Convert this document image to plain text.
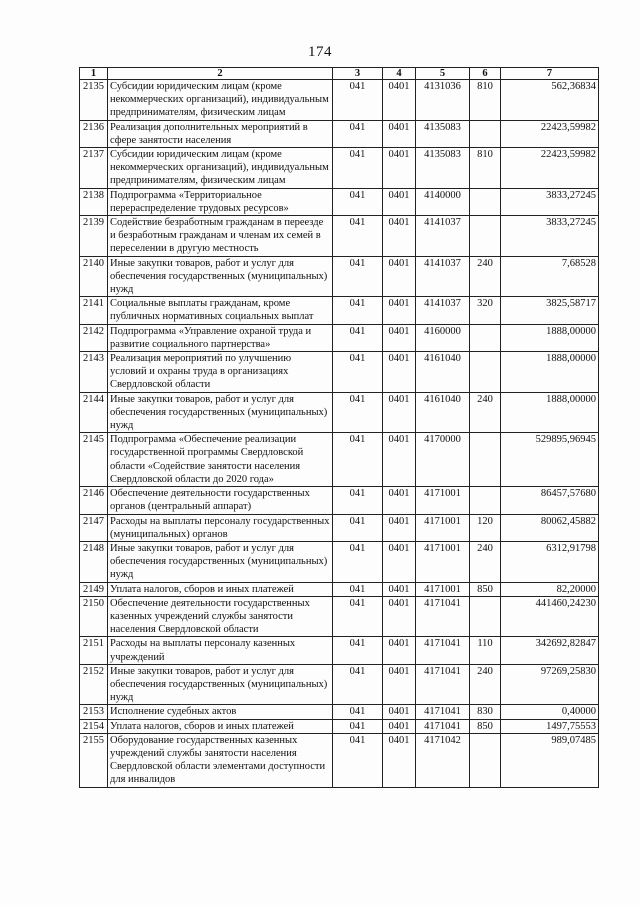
174
1	2	3	4	5	6	7
2135	Субсидии юридическим лицам (кроме некоммерческих организаций), индивидуальным предпринимателям, физическим лицам	041	0401	4131036	810	562,36834
2136	Реализация дополнительных мероприятий в сфере занятости населения	041	0401	4135083		22423,59982
2137	Субсидии юридическим лицам (кроме некоммерческих организаций), индивидуальным предпринимателям, физическим лицам	041	0401	4135083	810	22423,59982
2138	Подпрограмма «Территориальное перераспределение трудовых ресурсов»	041	0401	4140000		3833,27245
2139	Содействие безработным гражданам в переезде и безработным гражданам и членам их семей в переселении в другую местность	041	0401	4141037		3833,27245
2140	Иные закупки товаров, работ и услуг для обеспечения государственных (муниципальных) нужд	041	0401	4141037	240	7,68528
2141	Социальные выплаты гражданам, кроме публичных нормативных социальных выплат	041	0401	4141037	320	3825,58717
2142	Подпрограмма «Управление охраной труда и развитие социального партнерства»	041	0401	4160000		1888,00000
2143	Реализация мероприятий по улучшению условий и охраны труда в организациях Свердловской области	041	0401	4161040		1888,00000
2144	Иные закупки товаров, работ и услуг для обеспечения государственных (муниципальных) нужд	041	0401	4161040	240	1888,00000
2145	Подпрограмма «Обеспечение реализации государственной программы Свердловской области «Содействие занятости населения Свердловской области до 2020 года»	041	0401	4170000		529895,96945
2146	Обеспечение деятельности государственных органов (центральный аппарат)	041	0401	4171001		86457,57680
2147	Расходы на выплаты персоналу государственных (муниципальных) органов	041	0401	4171001	120	80062,45882
2148	Иные закупки товаров, работ и услуг для обеспечения государственных (муниципальных) нужд	041	0401	4171001	240	6312,91798
2149	Уплата налогов, сборов и иных платежей	041	0401	4171001	850	82,20000
2150	Обеспечение деятельности государственных казенных учреждений службы занятости населения Свердловской области	041	0401	4171041		441460,24230
2151	Расходы на выплаты персоналу казенных учреждений	041	0401	4171041	110	342692,82847
2152	Иные закупки товаров, работ и услуг для обеспечения государственных (муниципальных) нужд	041	0401	4171041	240	97269,25830
2153	Исполнение судебных актов	041	0401	4171041	830	0,40000
2154	Уплата налогов, сборов и иных платежей	041	0401	4171041	850	1497,75553
2155	Оборудование государственных казенных учреждений службы занятости населения Свердловской области элементами доступности для инвалидов	041	0401	4171042		989,07485
